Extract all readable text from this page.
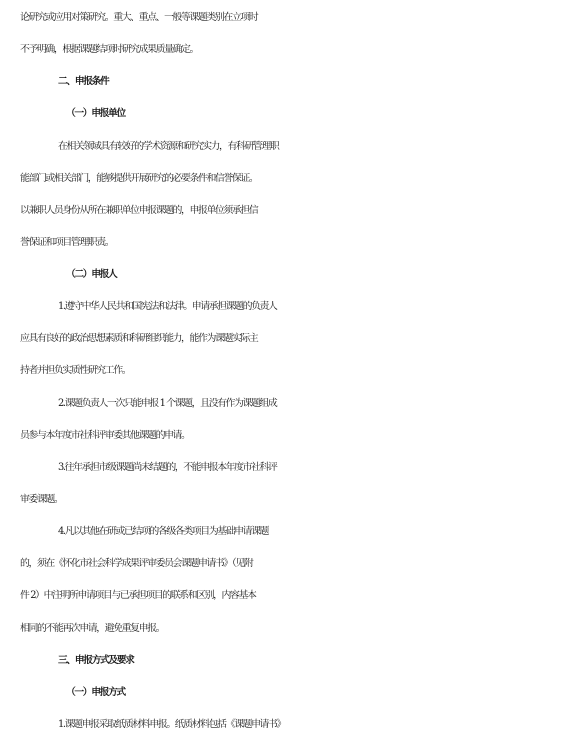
论研究或应用对策研究。重大、重点、一般等课题类别在立项时
不予明确，根据课题结项时研究成果质量确定。
二、申报条件
（一）申报单位
在相关领域具有较好的学术资源和研究实力，有科研管理职
能部门或相关部门，能够提供开展研究的必要条件和信誉保证。
以兼职人员身份从所在兼职单位申报课题的，申报单位须承担信
誉保证和项目管理职责。
（二）申报人
1.遵守中华人民共和国宪法和法律。申请承担课题的负责人
应具有良好的政治思想素质和科研组织能力，能作为课题实际主
持者并担负实质性研究工作。
2.课题负责人一次只能申报 1 个课题，且没有作为课题组成
员参与本年度市社科评审委其他课题的申请。
3.往年承担市级课题尚未结题的，不能申报本年度市社科评
审委课题。
4.凡以其他在研或已结项的各级各类项目为基础申请课题
的，须在《怀化市社会科学成果评审委员会课题申请书》（见附
件 2）中注明所申请项目与已承担项目的联系和区别，内容基本
相同的不能再次申请，避免重复申报。
三、申报方式及要求
（一）申报方式
1.课题申报采取纸质材料申报。纸质材料包括《课题申请书》
